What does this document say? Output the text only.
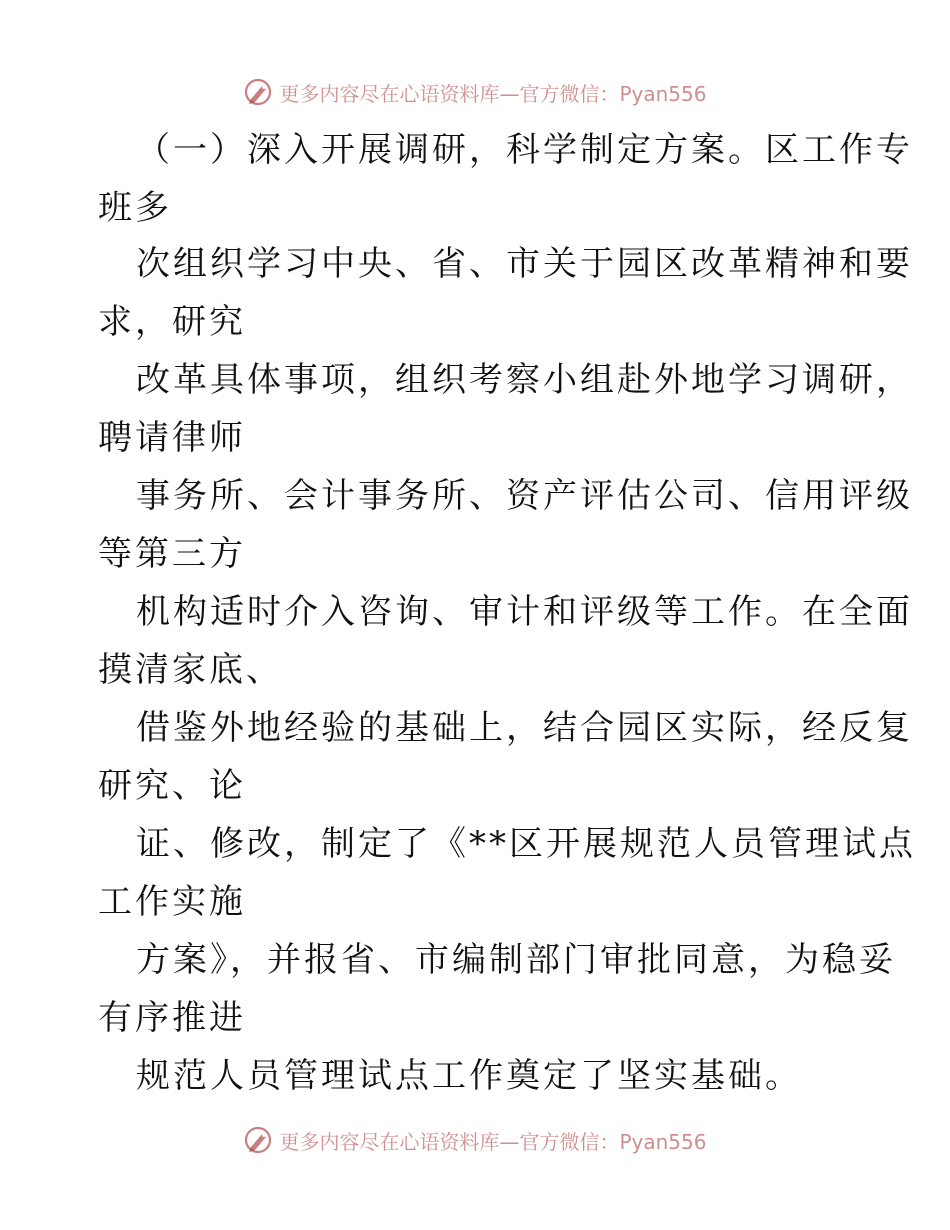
更多内容尽在心语资料库—官方微信：Pyan556
（一）深入开展调研，科学制定方案。区工作专
班多
次组织学习中央、省、市关于园区改革精神和要
求，研究
改革具体事项，组织考察小组赴外地学习调研，
聘请律师
事务所、会计事务所、资产评估公司、信用评级
等第三方
机构适时介入咨询、审计和评级等工作。在全面
摸清家底、
借鉴外地经验的基础上，结合园区实际，经反复
研究、论
证、修改，制定了《**区开展规范人员管理试点
工作实施
方案》，并报省、市编制部门审批同意，为稳妥
有序推进
规范人员管理试点工作奠定了坚实基础。
更多内容尽在心语资料库—官方微信：Pyan556
